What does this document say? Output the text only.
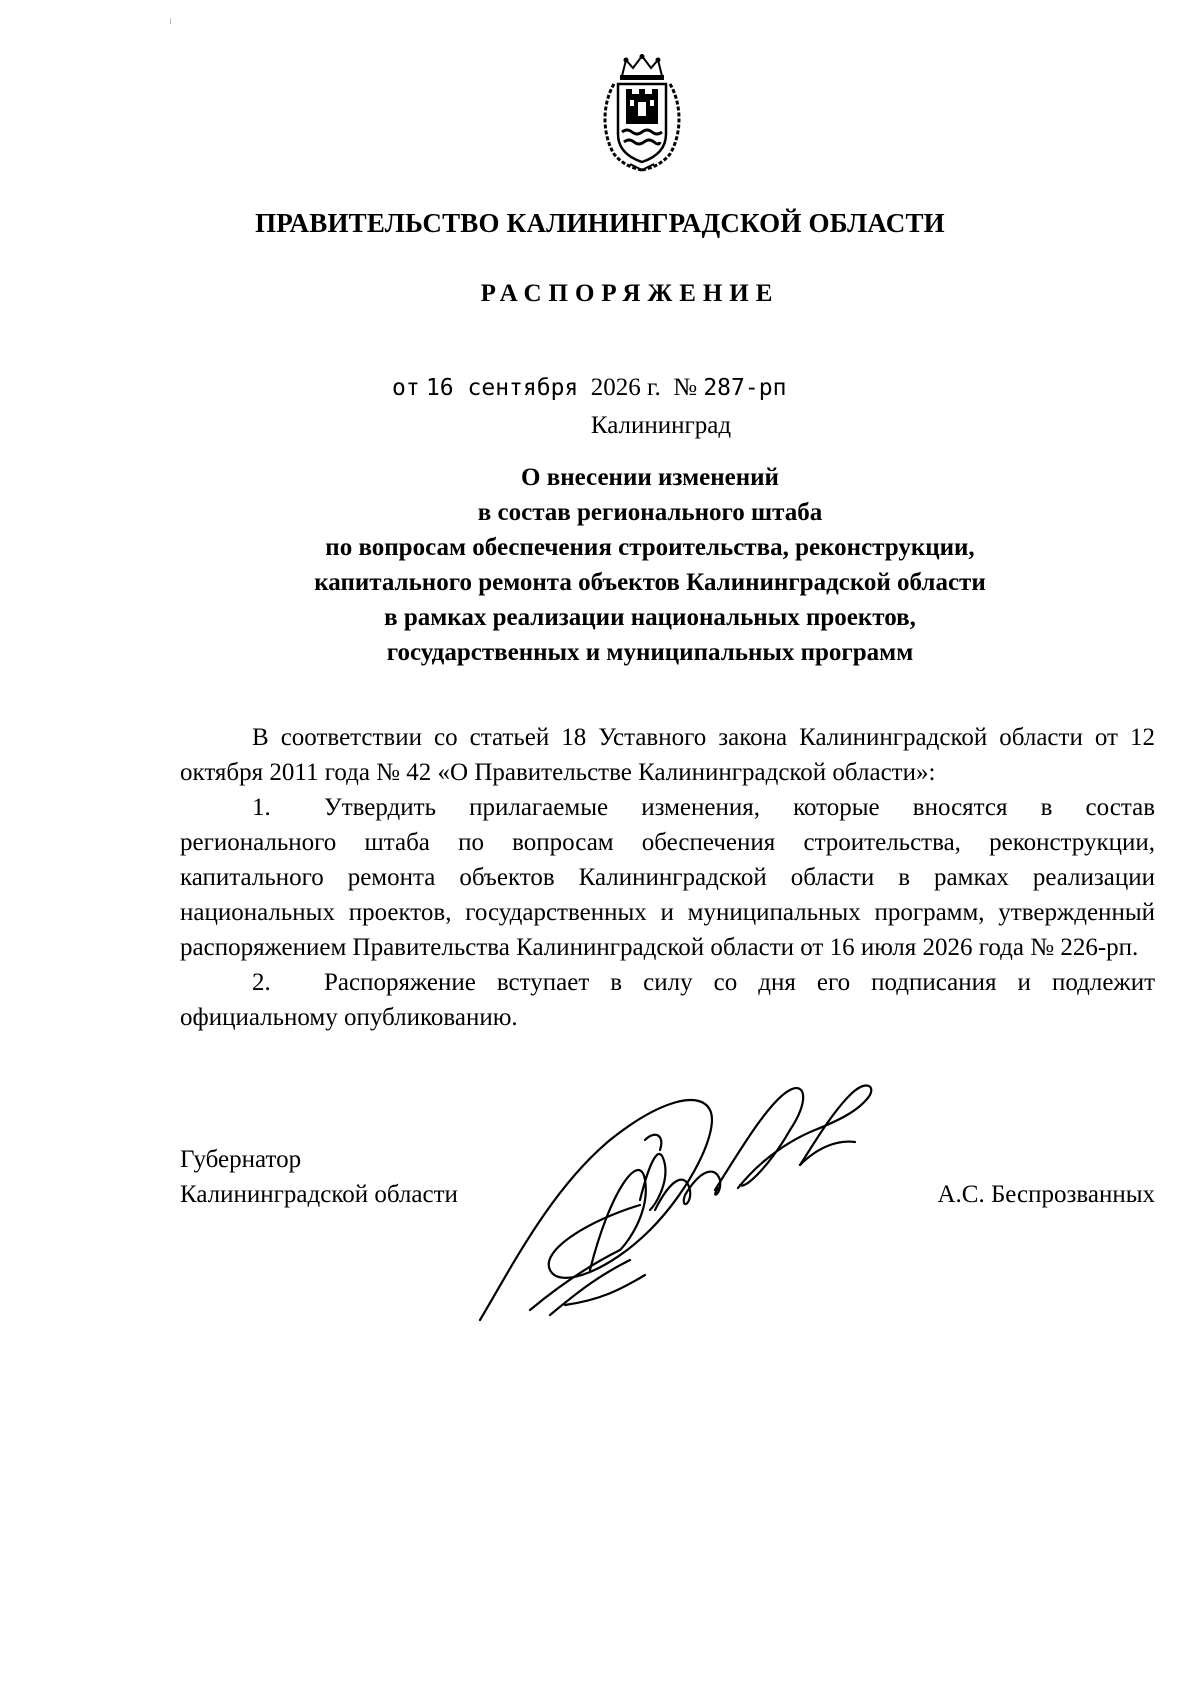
ПРАВИТЕЛЬСТВО КАЛИНИНГРАДСКОЙ ОБЛАСТИ
РАСПОРЯЖЕНИЕ
от 16 сентября 2026 г. № 287-рп
Калининград
О внесении изменений
в состав регионального штаба
по вопросам обеспечения строительства, реконструкции,
капитального ремонта объектов Калининградской области
в рамках реализации национальных проектов,
государственных и муниципальных программ

В соответствии со статьей 18 Уставного закона Калининградской области от 12 октября 2011 года № 42 «О Правительстве Калининградской области»:

1. Утвердить прилагаемые изменения, которые вносятся в состав регионального штаба по вопросам обеспечения строительства, реконструкции, капитального ремонта объектов Калининградской области в рамках реализации национальных проектов, государственных и муниципальных программ, утвержденный распоряжением Правительства Калининградской области от 16 июля 2026 года № 226-рп.

2. Распоряжение вступает в силу со дня его подписания и подлежит официальному опубликованию.

Губернатор
Калининградской области	А.С. Беспрозванных
